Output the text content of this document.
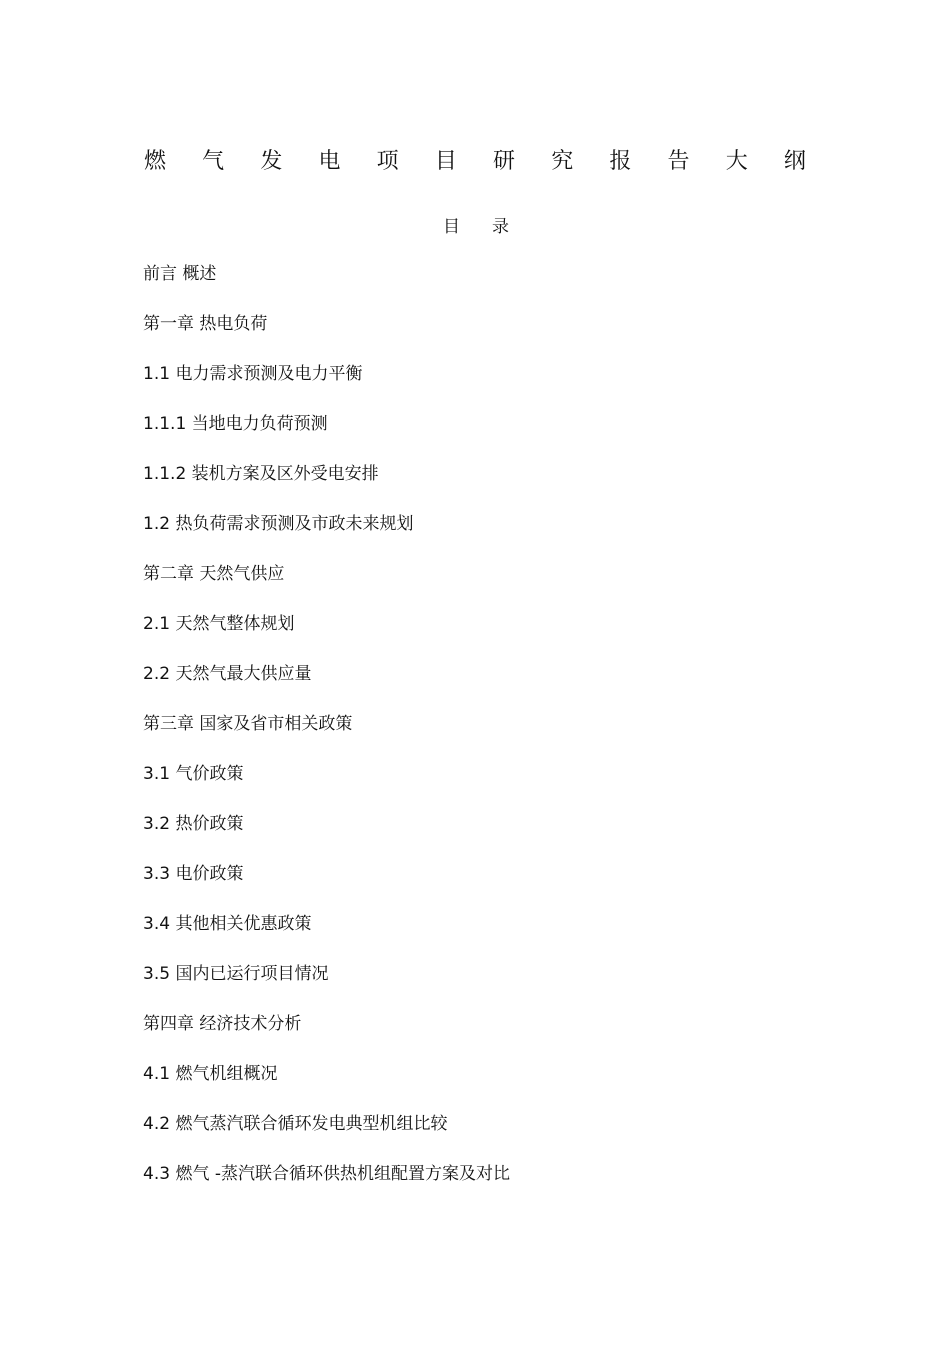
燃 气 发 电 项 目 研 究 报 告 大 纲
目 录
前言 概述
第一章 热电负荷
1.1 电力需求预测及电力平衡
1.1.1 当地电力负荷预测
1.1.2 装机方案及区外受电安排
1.2 热负荷需求预测及市政未来规划
第二章 天然气供应
2.1 天然气整体规划
2.2 天然气最大供应量
第三章 国家及省市相关政策
3.1 气价政策
3.2 热价政策
3.3 电价政策
3.4 其他相关优惠政策
3.5 国内已运行项目情况
第四章 经济技术分析
4.1 燃气机组概况
4.2 燃气蒸汽联合循环发电典型机组比较
4.3 燃气 -蒸汽联合循环供热机组配置方案及对比
